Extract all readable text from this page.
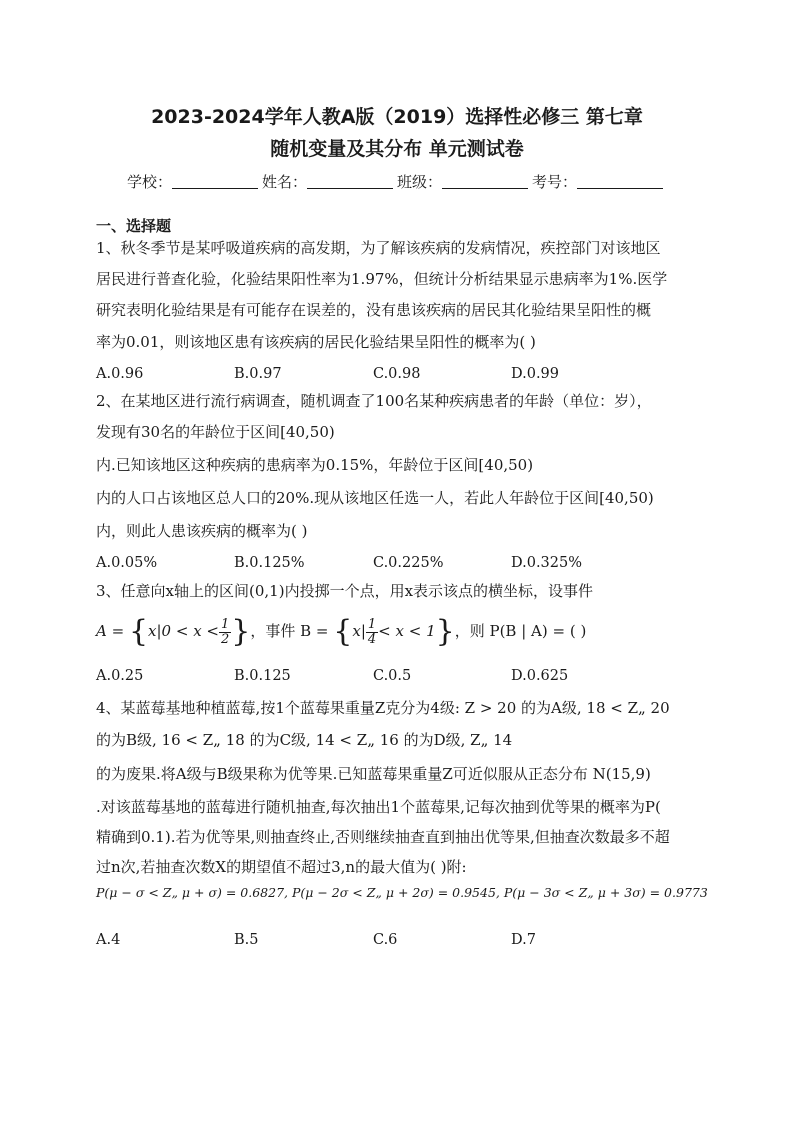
2023-2024学年人教A版（2019）选择性必修三 第七章
随机变量及其分布 单元测试卷
学校：	姓名：	班级：	考号：
一、选择题
1、秋冬季节是某呼吸道疾病的高发期，为了解该疾病的发病情况，疾控部门对该地区
居民进行普查化验，化验结果阳性率为1.97%，但统计分析结果显示患病率为1%.医学
研究表明化验结果是有可能存在误差的，没有患该疾病的居民其化验结果呈阳性的概
率为0.01，则该地区患有该疾病的居民化验结果呈阳性的概率为( )
A.0.96	B.0.97	C.0.98	D.0.99
2、在某地区进行流行病调查，随机调查了100名某种疾病患者的年龄（单位：岁），
发现有30名的年龄位于区间[40,50)
内.已知该地区这种疾病的患病率为0.15%，年龄位于区间[40,50)
内的人口占该地区总人口的20%.现从该地区任选一人，若此人年龄位于区间[40,50)
内，则此人患该疾病的概率为( )
A.0.05%	B.0.125%	C.0.225%	D.0.325%
3、任意向x轴上的区间(0,1)内投掷一个点，用x表示该点的横坐标，设事件
$A = \{x|0 < x < \frac{1}{2}$ }，事件 $B = \{x| \frac{1}{4} < x < 1\}$，则 P(B | A) = ( )
A.0.25	B.0.125	C.0.5	D.0.625
4、某蓝莓基地种植蓝莓,按1个蓝莓果重量Z克分为4级: Z > 20 的为A级, 18 < Z„ 20
的为B级, 16 < Z„ 18 的为C级, 14 < Z„ 16 的为D级, Z„ 14
的为废果.将A级与B级果称为优等果.已知蓝莓果重量Z可近似服从正态分布 N(15,9)
.对该蓝莓基地的蓝莓进行随机抽查,每次抽出1个蓝莓果,记每次抽到优等果的概率为P(
精确到0.1).若为优等果,则抽查终止,否则继续抽查直到抽出优等果,但抽查次数最多不超
过n次,若抽查次数X的期望值不超过3,n的最大值为( )附:
P(μ − σ < Z„ μ + σ) = 0.6827, P(μ − 2σ < Z„ μ + 2σ) = 0.9545, P(μ − 3σ < Z„ μ + 3σ) = 0.9773
A.4	B.5	C.6	D.7
